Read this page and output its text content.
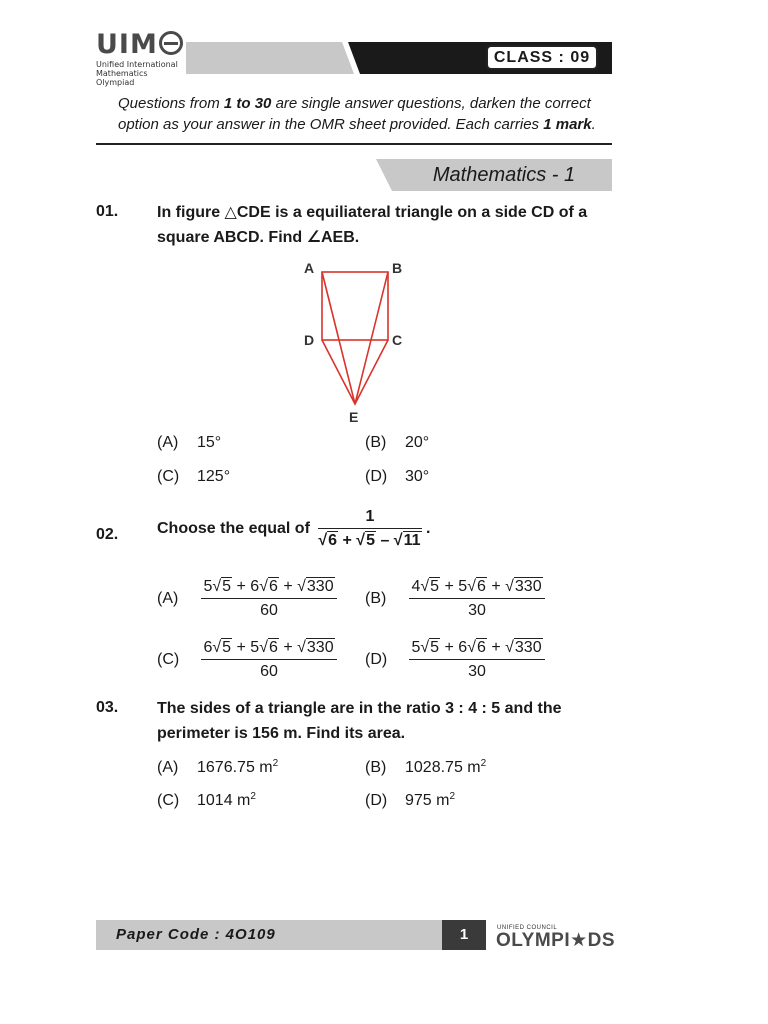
UIM
Unified International
Mathematics Olympiad
CLASS : 09
Questions from 1 to 30 are single answer questions, darken the correct option as your answer in the OMR sheet provided. Each carries 1 mark.
Mathematics - 1
01. In figure △CDE is a equiliateral triangle on a side CD of a square ABCD. Find ∠AEB.
A	B
C
D
E
(A) 15°	(B) 20°
(C) 125°	(D) 30°
02. Choose the equal of $\frac{1}{√6 + √5 - √11}$ .
$(A) \frac{5√5 + 6√6 + √330}{60} (B) \frac{4√5 + 5√6 + √330}{30}$
$(C) \frac{6√5 + 5√6 + √330}{60} (D) \frac{5√5 + 6√6 + √330}{30}$
03. The sides of a triangle are in the ratio 3 : 4 : 5 and the perimeter is 156 m. Find its area.
(A) 1676.75 $m^2$	(B) 1028.75 $m^2$
(C) 1014 $m^2$	(D) 975 $m^2$
Paper Code : 4O109	1	UNIFIED COUNCIL
OLYMPI★DS
